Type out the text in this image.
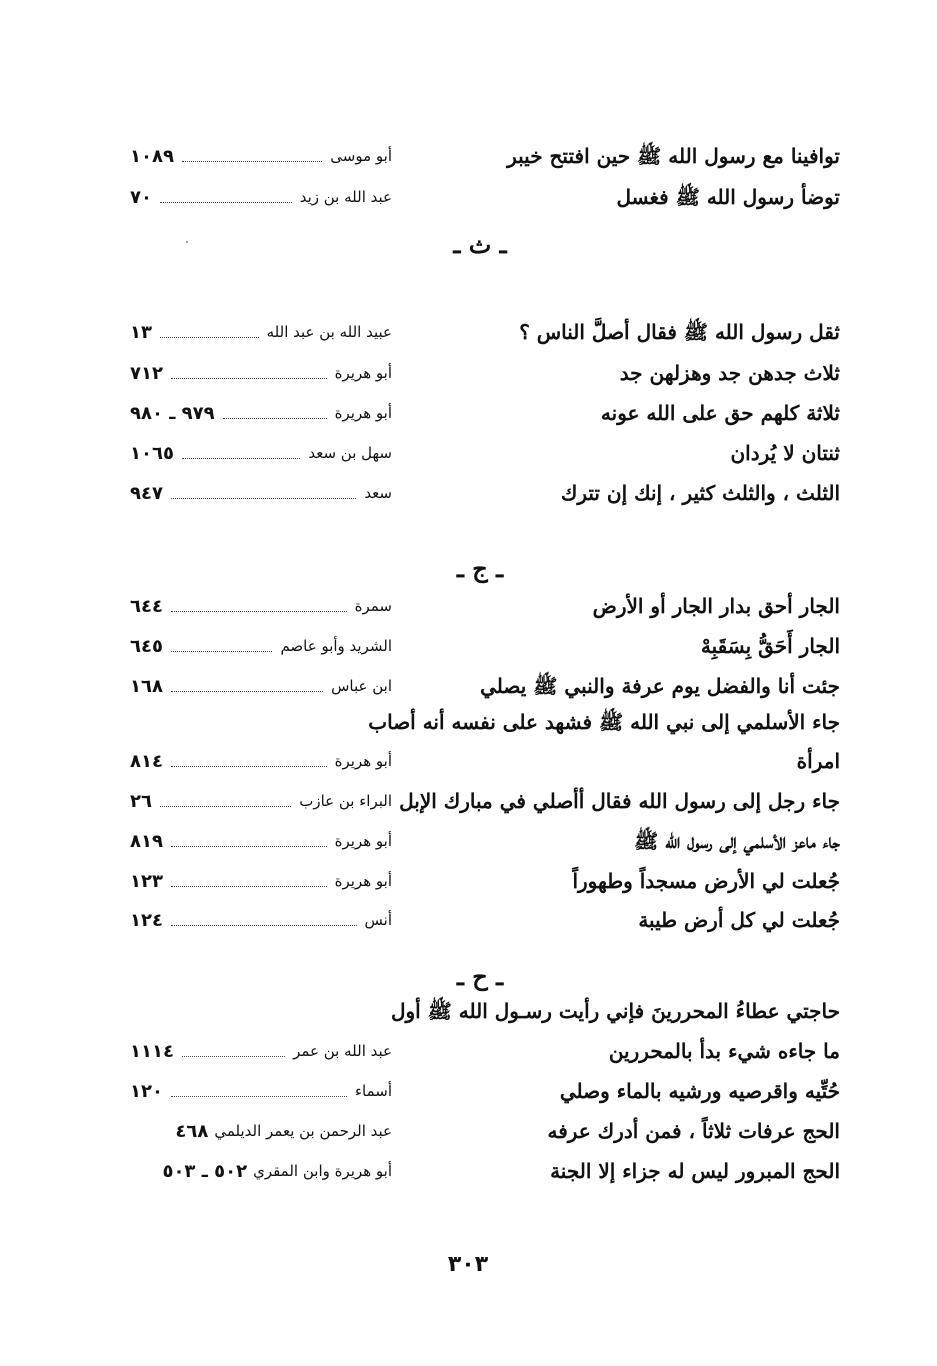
توافينا مع رسول الله ﷺ حين افتتح خيبر
أبو موسى
١٠٨٩
توضأ رسول الله ﷺ فغسل
عبد الله بن زيد
٧٠
ـ ث ـ
ثقل رسول الله ﷺ فقال أصلَّ الناس ؟
عبيد الله بن عبد الله
١٣
ثلاث جدهن جد وهزلهن جد
أبو هريرة
٧١٢
ثلاثة كلهم حق على الله عونه
أبو هريرة
٩٧٩ ـ ٩٨٠
ثنتان لا يُردان
سهل بن سعد
١٠٦٥
الثلث ، والثلث كثير ، إنك إن تترك
سعد
٩٤٧
ـ ج ـ
الجار أحق بدار الجار أو الأرض
سمرة
٦٤٤
الجار أَحَقُّ بِسَقَبِهْ
الشريد وأبو عاصم
٦٤٥
جئت أنا والفضل يوم عرفة والنبي ﷺ يصلي
ابن عباس
١٦٨
جاء الأسلمي إلى نبي الله ﷺ فشهد على نفسه أنه أصاب
امرأة
أبو هريرة
٨١٤
جاء رجل إلى رسول الله فقال أأصلي في مبارك الإبل
البراء بن عازب
٢٦
جاء ماعز الأسلمي إلى رسول الله ﷺ
أبو هريرة
٨١٩
جُعلت لي الأرض مسجداً وطهوراً
أبو هريرة
١٢٣
جُعلت لي كل أرض طيبة
أنس
١٢٤
ـ ح ـ
حاجتي عطاءُ المحررينَ فإني رأيت رسـول الله ﷺ أول
ما جاءه شيء بدأ بالمحررين
عبد الله بن عمر
١١١٤
حُتِّيه واقرصيه ورشيه بالماء وصلي
أسماء
١٢٠
الحج عرفات ثلاثاً ، فمن أدرك عرفه
عبد الرحمن بن يعمر الديلمي
٤٦٨
الحج المبرور ليس له جزاء إلا الجنة
أبو هريرة وابن المقري
٥٠٢ ـ ٥٠٣
٣٠٣
